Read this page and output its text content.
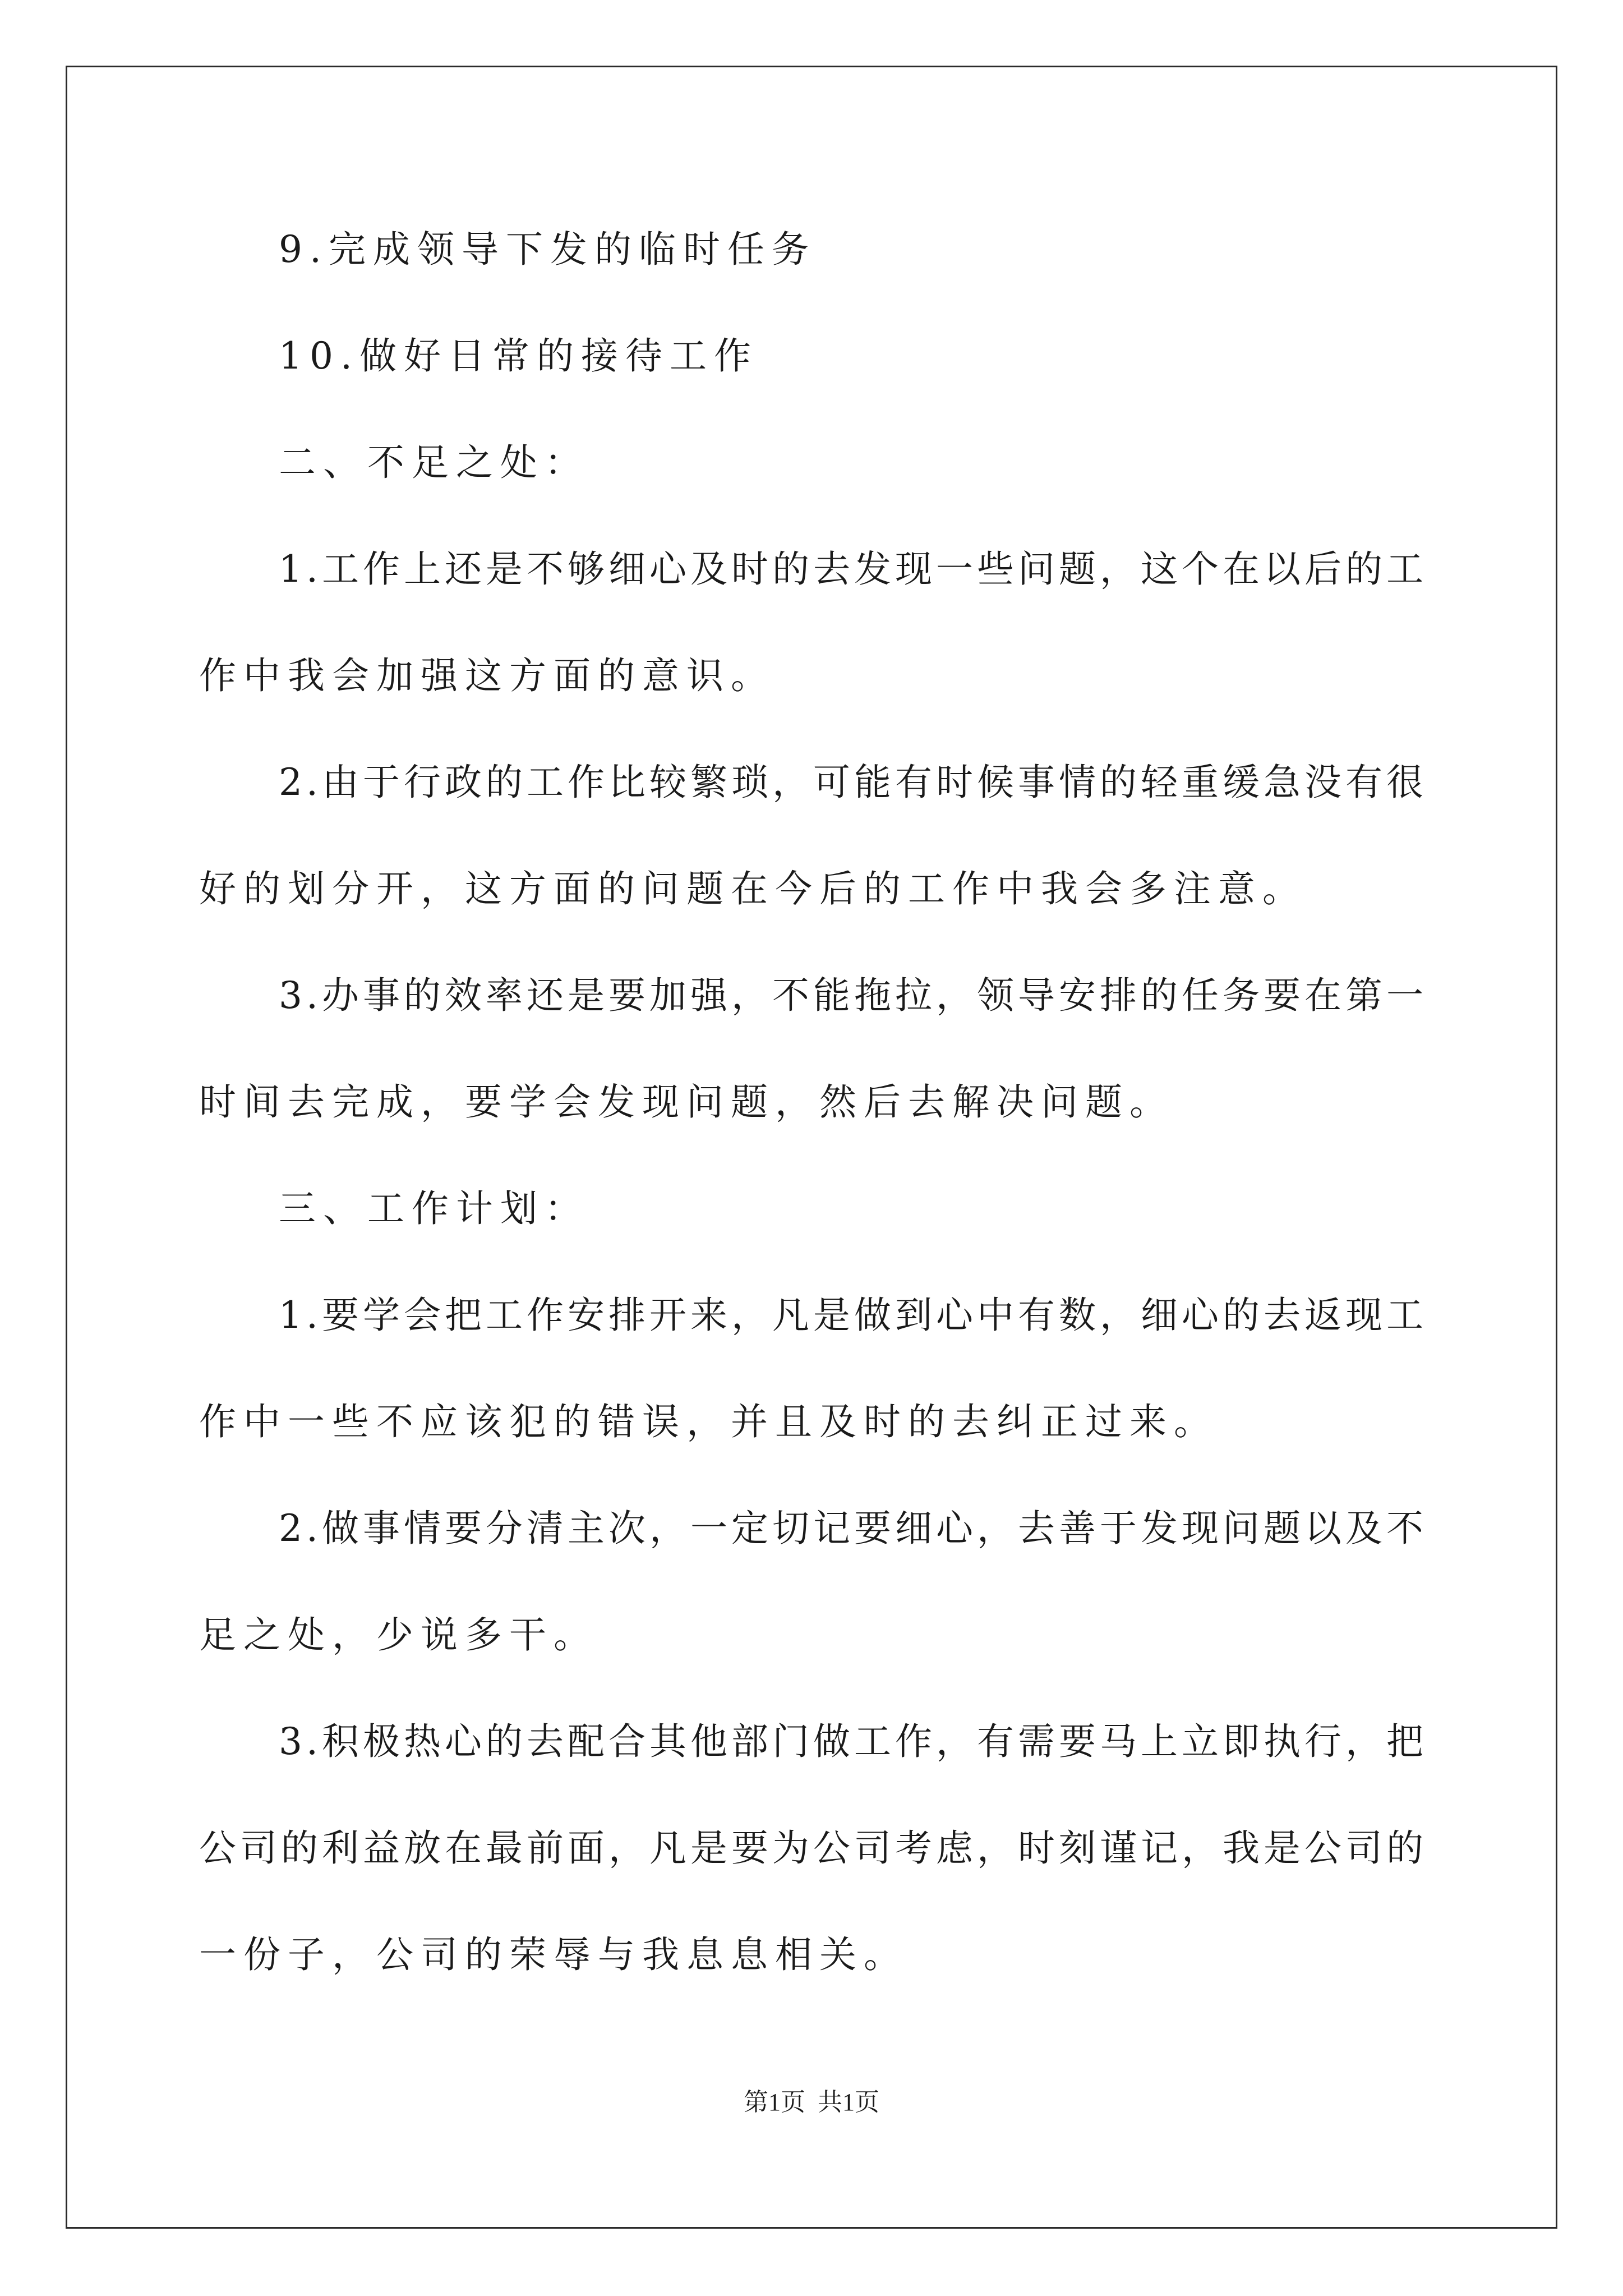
9.完成领导下发的临时任务
10.做好日常的接待工作
二、不足之处：
1.工作上还是不够细心及时的去发现一些问题，这个在以后的工
作中我会加强这方面的意识。
2.由于行政的工作比较繁琐，可能有时候事情的轻重缓急没有很
好的划分开，这方面的问题在今后的工作中我会多注意。
3.办事的效率还是要加强，不能拖拉，领导安排的任务要在第一
时间去完成，要学会发现问题，然后去解决问题。
三、工作计划：
1.要学会把工作安排开来，凡是做到心中有数，细心的去返现工
作中一些不应该犯的错误，并且及时的去纠正过来。
2.做事情要分清主次，一定切记要细心，去善于发现问题以及不
足之处，少说多干。
3.积极热心的去配合其他部门做工作，有需要马上立即执行，把
公司的利益放在最前面，凡是要为公司考虑，时刻谨记，我是公司的
一份子，公司的荣辱与我息息相关。
第1页  共1页
